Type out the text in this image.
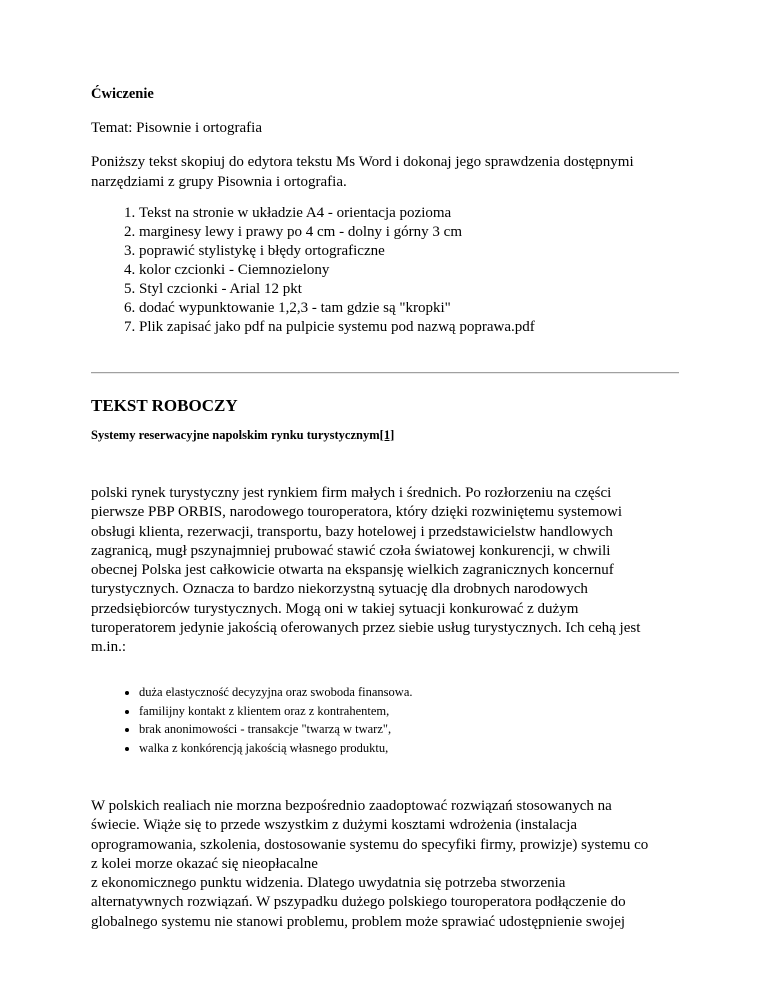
Ćwiczenie
Temat: Pisownie i ortografia
Poniższy tekst skopiuj do edytora tekstu Ms Word i dokonaj jego sprawdzenia dostępnymi
narzędziami z grupy Pisownia i ortografia.
1. Tekst na stronie w układzie A4 - orientacja pozioma
2. marginesy lewy i prawy po 4 cm - dolny i górny 3 cm
3. poprawić stylistykę i błędy ortograficzne
4. kolor czcionki - Ciemnozielony
5. Styl czcionki - Arial 12 pkt
6. dodać wypunktowanie 1,2,3 - tam gdzie są "kropki"
7. Plik zapisać jako pdf na pulpicie systemu pod nazwą poprawa.pdf
TEKST ROBOCZY
Systemy reserwacyjne napolskim rynku turystycznym[1]
polski rynek turystyczny jest rynkiem firm małych i średnich. Po rozłorzeniu na części
pierwsze PBP ORBIS, narodowego touroperatora, który dzięki rozwiniętemu systemowi
obsługi klienta, rezerwacji, transportu, bazy hotelowej i przedstawicielstw handlowych
zagranicą, mugł pszynajmniej prubować stawić czoła światowej konkurencji, w chwili
obecnej Polska jest całkowicie otwarta na ekspansję wielkich zagranicznych koncernuf
turystycznych. Oznacza to bardzo niekorzystną sytuację dla drobnych narodowych
przedsiębiorców turystycznych. Mogą oni w takiej sytuacji konkurować z dużym
turoperatorem jedynie jakością oferowanych przez siebie usług turystycznych. Ich cehą jest
m.in.:
• duża elastyczność decyzyjna oraz swoboda finansowa.
• familijny kontakt z klientem oraz z kontrahentem,
• brak anonimowości - transakcje "twarzą w twarz",
• walka z konkórencją jakością własnego produktu,
W polskich realiach nie morzna bezpośrednio zaadoptować rozwiązań stosowanych na
świecie. Wiąże się to przede wszystkim z dużymi kosztami wdrożenia (instalacja
oprogramowania, szkolenia, dostosowanie systemu do specyfiki firmy, prowizje) systemu co
z kolei morze okazać się nieopłacalne
z ekonomicznego punktu widzenia. Dlatego uwydatnia się potrzeba stworzenia
alternatywnych rozwiązań. W pszypadku dużego polskiego touroperatora podłączenie do
globalnego systemu nie stanowi problemu, problem może sprawiać udostępnienie swojej
